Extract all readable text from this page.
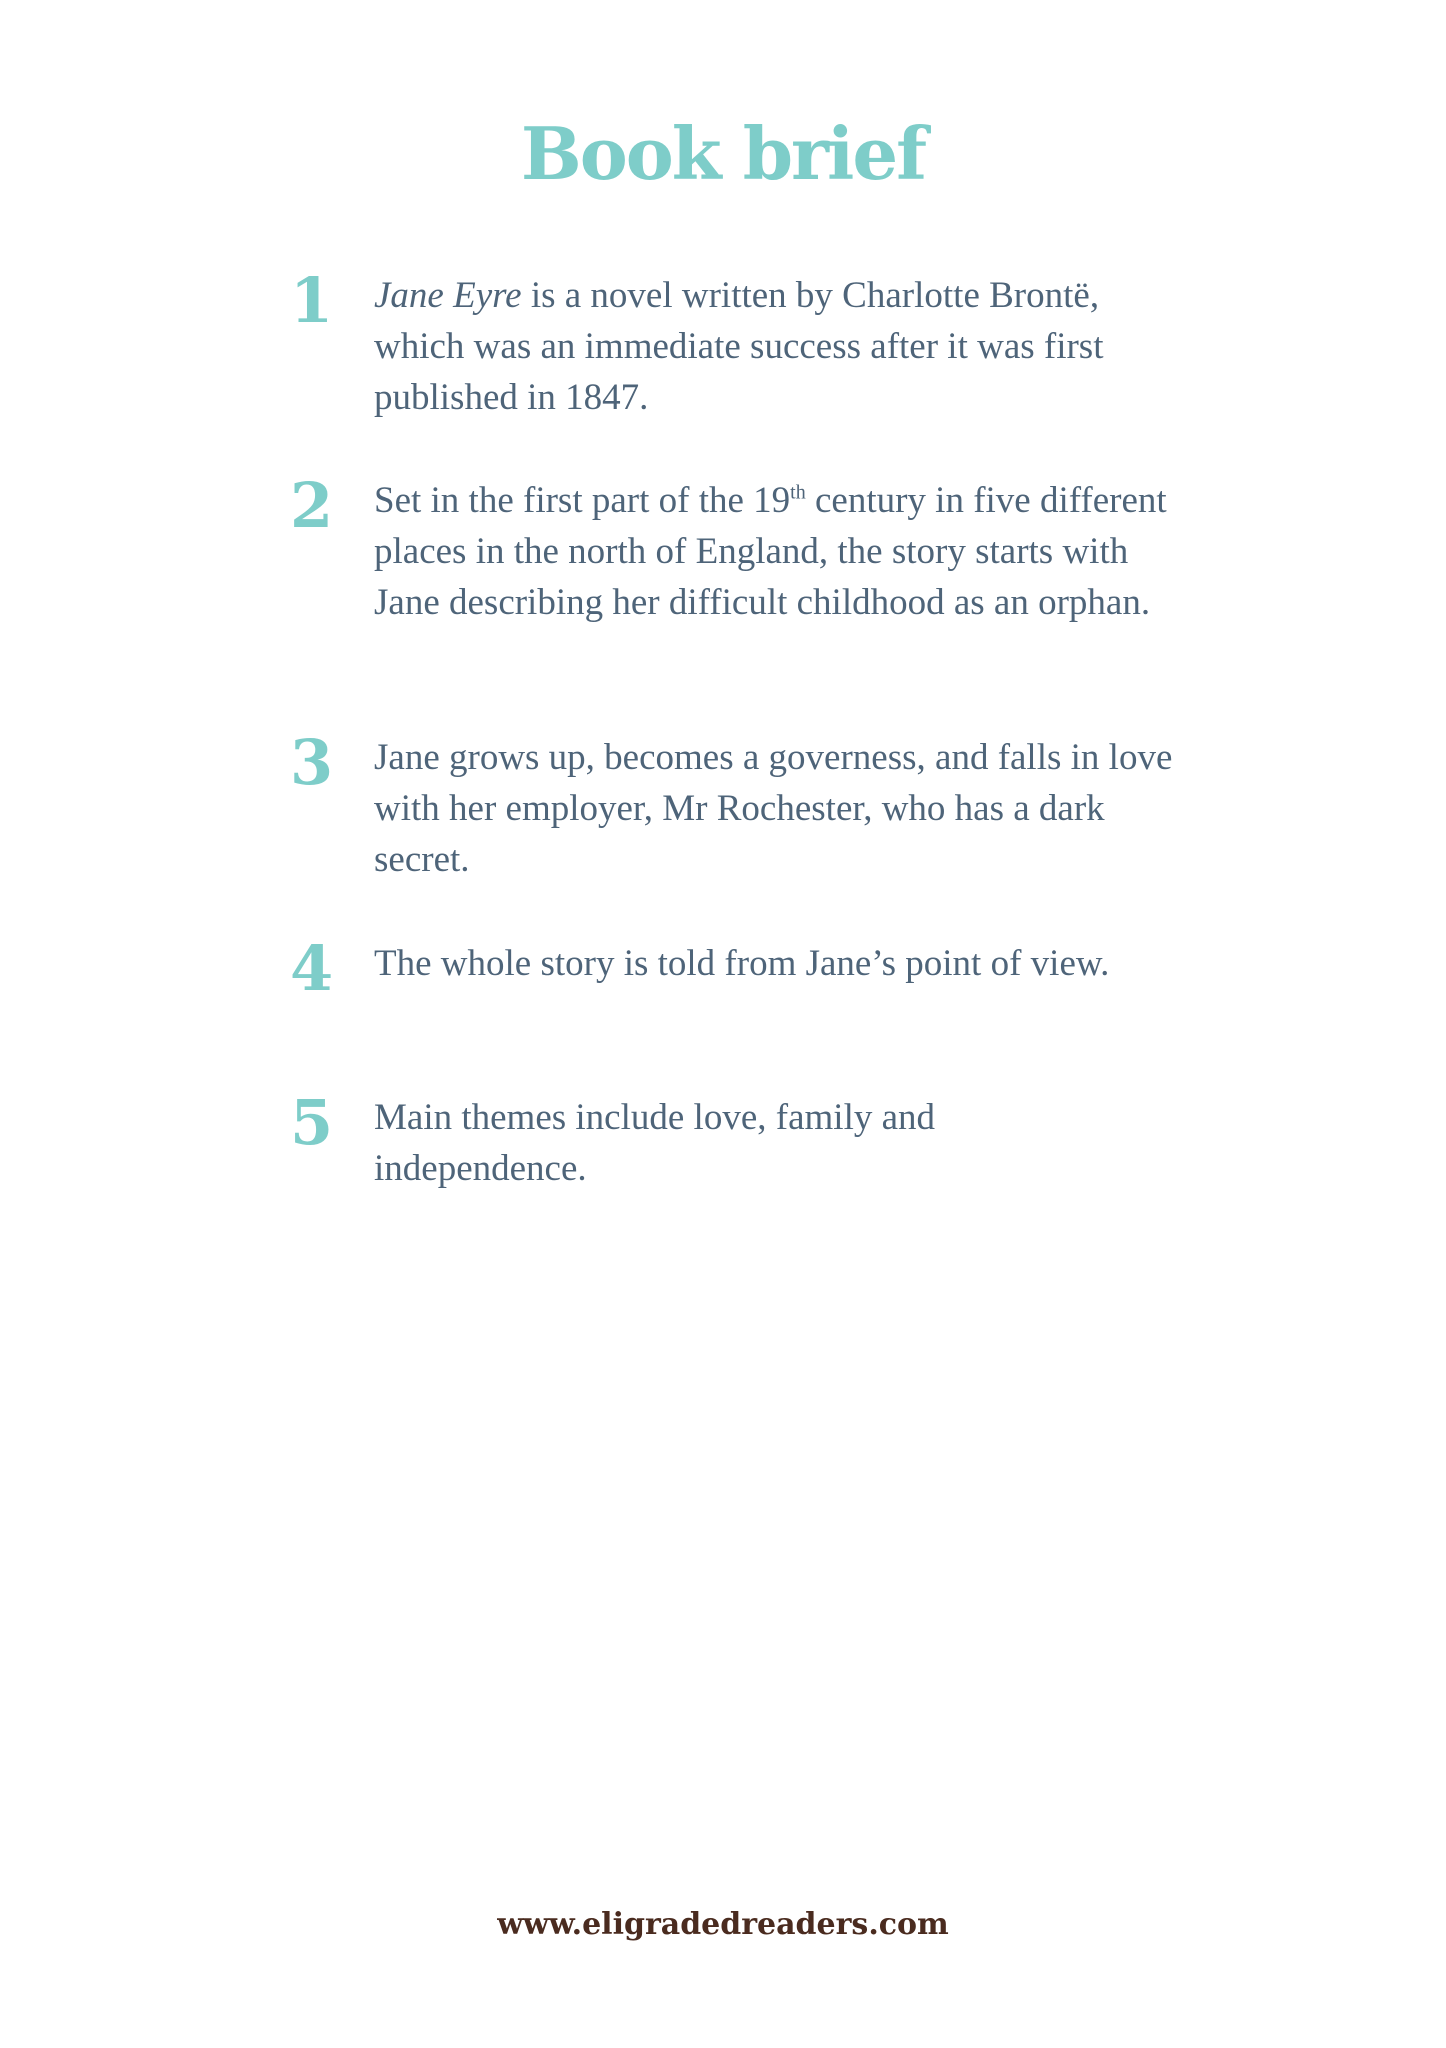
Book brief
1 Jane Eyre is a novel written by Charlotte Brontë, which was an immediate success after it was first published in 1847.

2 Set in the first part of the 19th century in five different places in the north of England, the story starts with Jane describing her difficult childhood as an orphan.

3 Jane grows up, becomes a governess, and falls in love with her employer, Mr Rochester, who has a dark secret.

4 The whole story is told from Jane’s point of view.

5 Main themes include love, family and independence.

www.eligradedreaders.com
